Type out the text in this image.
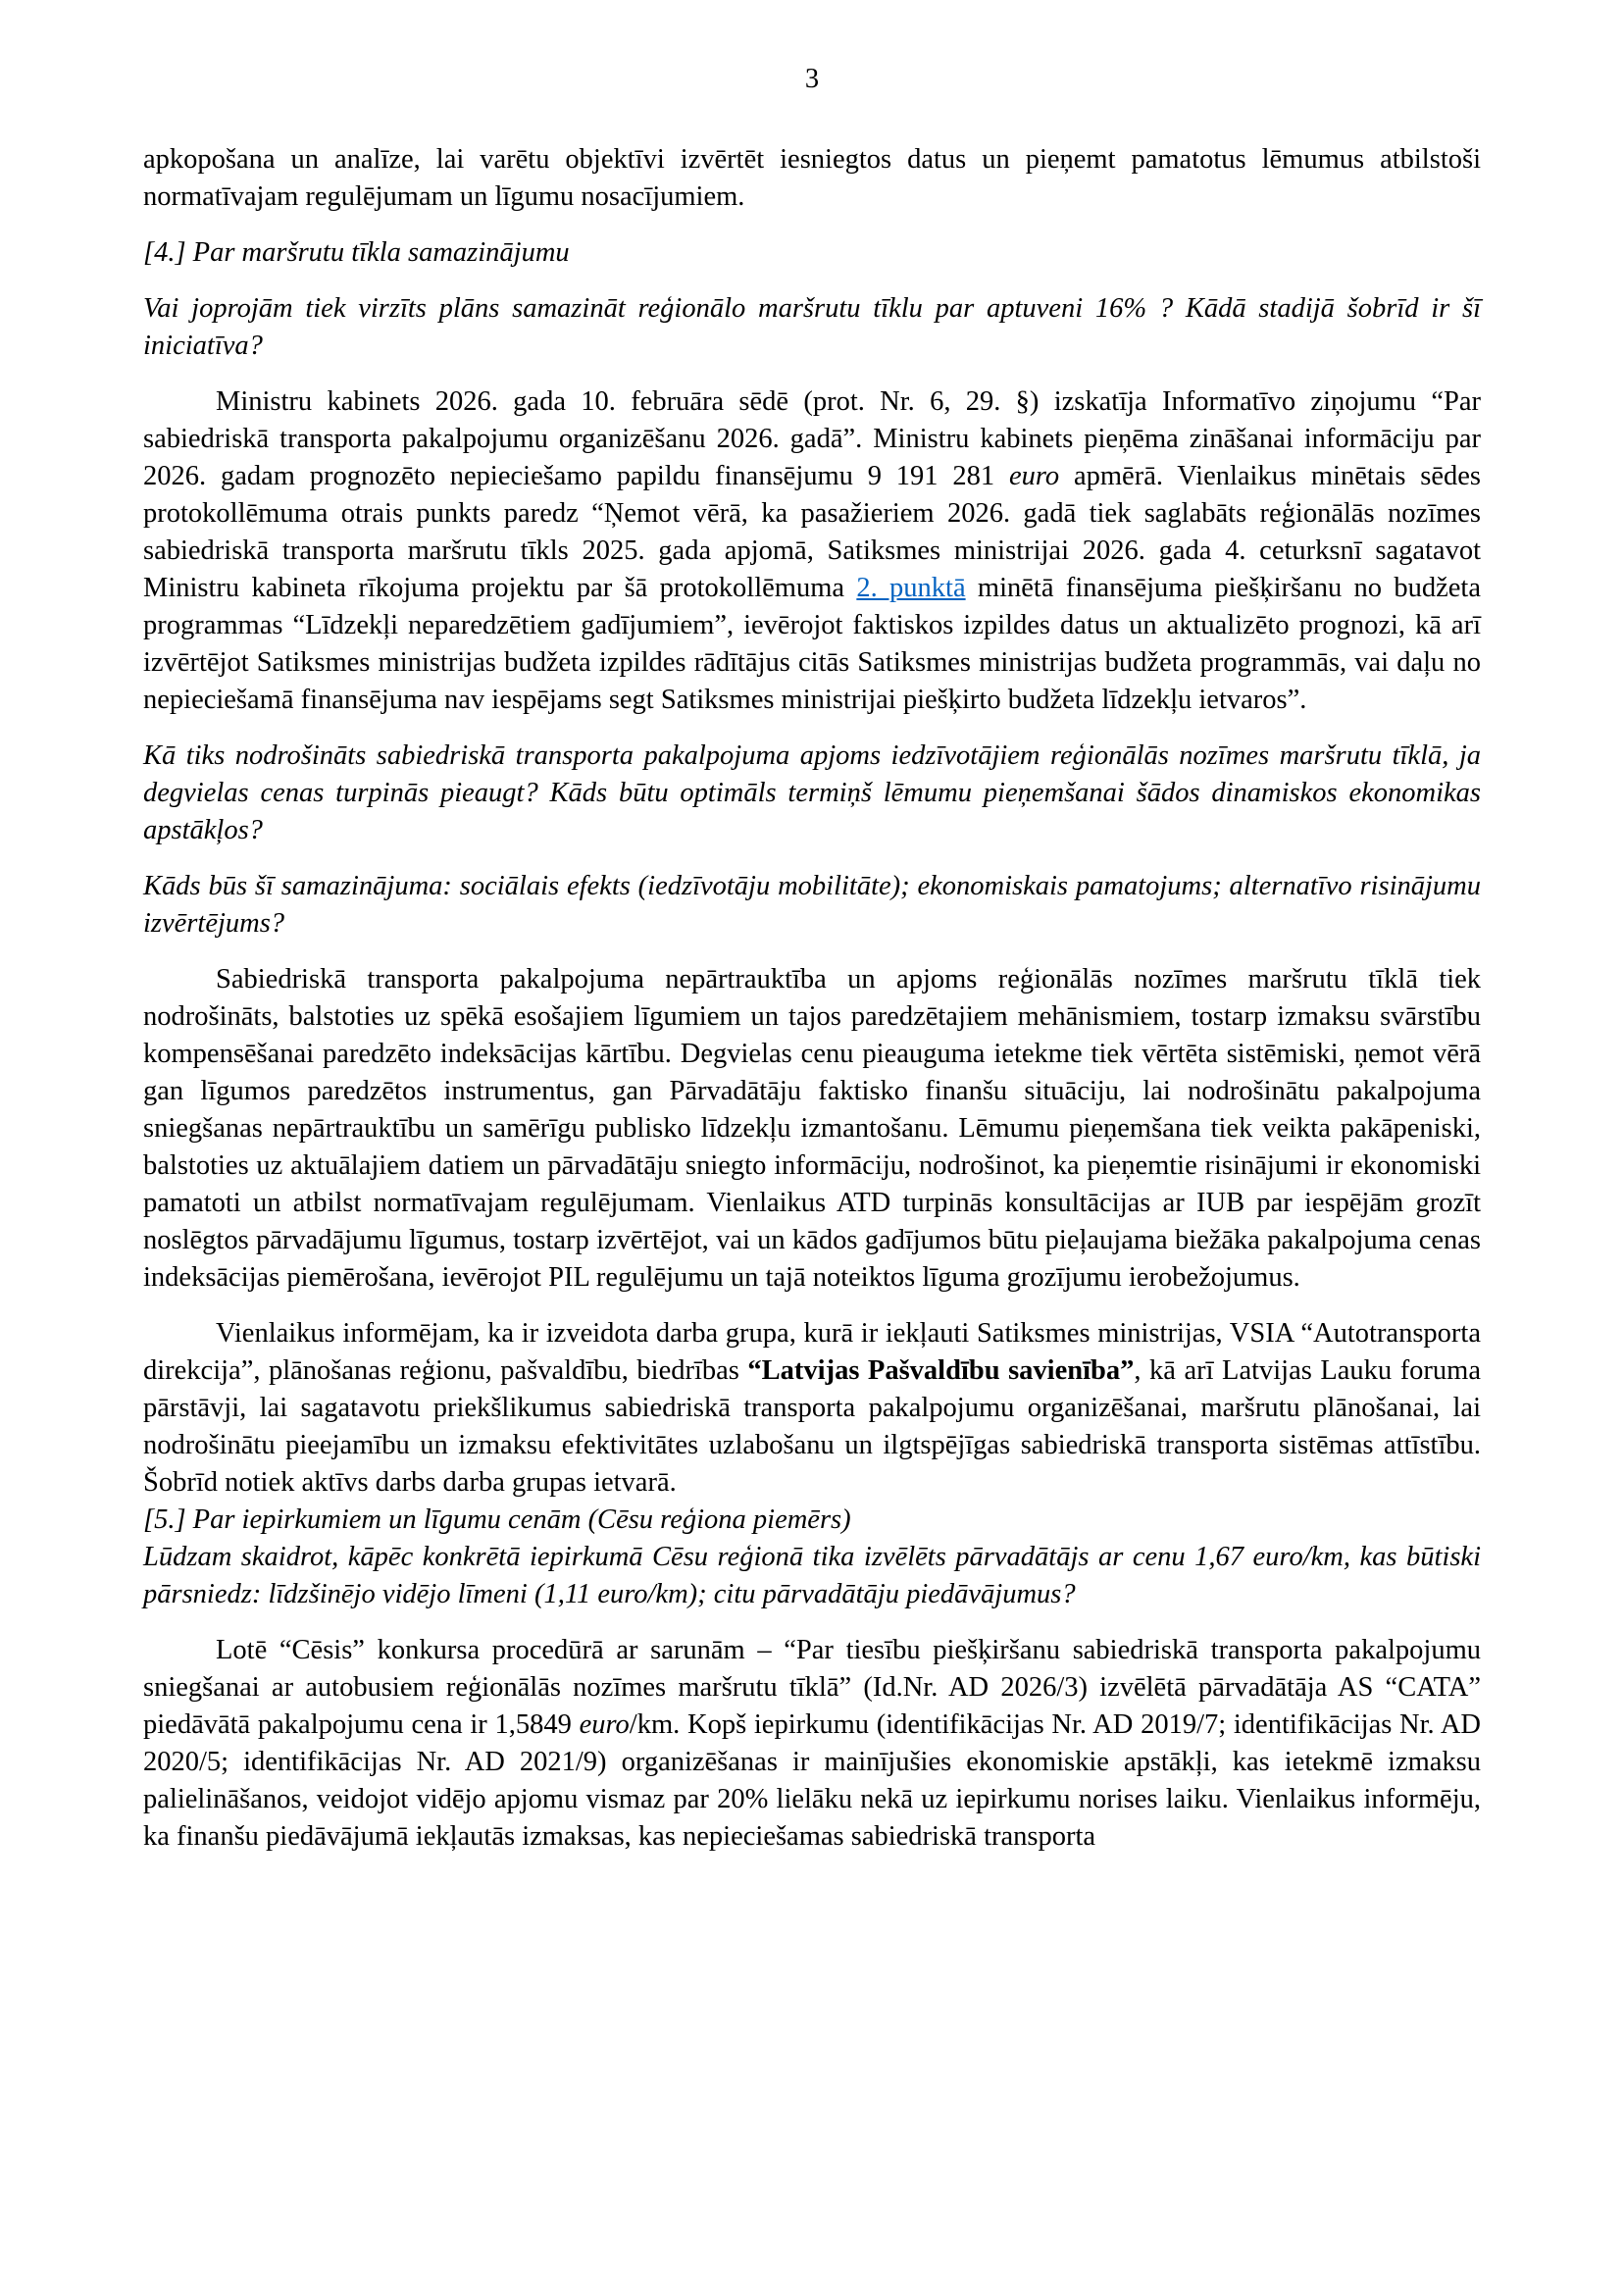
3

apkopošana un analīze, lai varētu objektīvi izvērtēt iesniegtos datus un pieņemt pamatotus lēmumus atbilstoši normatīvajam regulējumam un līgumu nosacījumiem.

[4.] Par maršrutu tīkla samazinājumu

Vai joprojām tiek virzīts plāns samazināt reģionālo maršrutu tīklu par aptuveni 16% ? Kādā stadijā šobrīd ir šī iniciatīva?

Ministru kabinets 2026. gada 10. februāra sēdē (prot. Nr. 6, 29. §) izskatīja Informatīvo ziņojumu “Par sabiedriskā transporta pakalpojumu organizēšanu 2026. gadā”. Ministru kabinets pieņēma zināšanai informāciju par 2026. gadam prognozēto nepieciešamo papildu finansējumu 9 191 281 euro apmērā. Vienlaikus minētais sēdes protokollēmuma otrais punkts paredz “Ņemot vērā, ka pasažieriem 2026. gadā tiek saglabāts reģionālās nozīmes sabiedriskā transporta maršrutu tīkls 2025. gada apjomā, Satiksmes ministrijai 2026. gada 4. ceturksnī sagatavot Ministru kabineta rīkojuma projektu par šā protokollēmuma 2. punktā minētā finansējuma piešķiršanu no budžeta programmas “Līdzekļi neparedzētiem gadījumiem”, ievērojot faktiskos izpildes datus un aktualizēto prognozi, kā arī izvērtējot Satiksmes ministrijas budžeta izpildes rādītājus citās Satiksmes ministrijas budžeta programmās, vai daļu no nepieciešamā finansējuma nav iespējams segt Satiksmes ministrijai piešķirto budžeta līdzekļu ietvaros”.

Kā tiks nodrošināts sabiedriskā transporta pakalpojuma apjoms iedzīvotājiem reģionālās nozīmes maršrutu tīklā, ja degvielas cenas turpinās pieaugt? Kāds būtu optimāls termiņš lēmumu pieņemšanai šādos dinamiskos ekonomikas apstākļos?

Kāds būs šī samazinājuma: sociālais efekts (iedzīvotāju mobilitāte); ekonomiskais pamatojums; alternatīvo risinājumu izvērtējums?

Sabiedriskā transporta pakalpojuma nepārtrauktība un apjoms reģionālās nozīmes maršrutu tīklā tiek nodrošināts, balstoties uz spēkā esošajiem līgumiem un tajos paredzētajiem mehānismiem, tostarp izmaksu svārstību kompensēšanai paredzēto indeksācijas kārtību. Degvielas cenu pieauguma ietekme tiek vērtēta sistēmiski, ņemot vērā gan līgumos paredzētos instrumentus, gan Pārvadātāju faktisko finanšu situāciju, lai nodrošinātu pakalpojuma sniegšanas nepārtrauktību un samērīgu publisko līdzekļu izmantošanu. Lēmumu pieņemšana tiek veikta pakāpeniski, balstoties uz aktuālajiem datiem un pārvadātāju sniegto informāciju, nodrošinot, ka pieņemtie risinājumi ir ekonomiski pamatoti un atbilst normatīvajam regulējumam. Vienlaikus ATD turpinās konsultācijas ar IUB par iespējām grozīt noslēgtos pārvadājumu līgumus, tostarp izvērtējot, vai un kādos gadījumos būtu pieļaujama biežāka pakalpojuma cenas indeksācijas piemērošana, ievērojot PIL regulējumu un tajā noteiktos līguma grozījumu ierobežojumus.

Vienlaikus informējam, ka ir izveidota darba grupa, kurā ir iekļauti Satiksmes ministrijas, VSIA “Autotransporta direkcija”, plānošanas reģionu, pašvaldību, biedrības “Latvijas Pašvaldību savienība”, kā arī Latvijas Lauku foruma pārstāvji, lai sagatavotu priekšlikumus sabiedriskā transporta pakalpojumu organizēšanai, maršrutu plānošanai, lai nodrošinātu pieejamību un izmaksu efektivitātes uzlabošanu un ilgtspējīgas sabiedriskā transporta sistēmas attīstību. Šobrīd notiek aktīvs darbs darba grupas ietvarā.

[5.] Par iepirkumiem un līgumu cenām (Cēsu reģiona piemērs)

Lūdzam skaidrot, kāpēc konkrētā iepirkumā Cēsu reģionā tika izvēlēts pārvadātājs ar cenu 1,67 euro/km, kas būtiski pārsniedz: līdzšinējo vidējo līmeni (1,11 euro/km); citu pārvadātāju piedāvājumus?

Lotē “Cēsis” konkursa procedūrā ar sarunām – “Par tiesību piešķiršanu sabiedriskā transporta pakalpojumu sniegšanai ar autobusiem reģionālās nozīmes maršrutu tīklā” (Id.Nr. AD 2026/3) izvēlētā pārvadātāja AS “CATA” piedāvātā pakalpojumu cena ir 1,5849 euro/km. Kopš iepirkumu (identifikācijas Nr. AD 2019/7; identifikācijas Nr. AD 2020/5; identifikācijas Nr. AD 2021/9) organizēšanas ir mainījušies ekonomiskie apstākļi, kas ietekmē izmaksu palielināšanos, veidojot vidējo apjomu vismaz par 20% lielāku nekā uz iepirkumu norises laiku. Vienlaikus informēju, ka finanšu piedāvājumā iekļautās izmaksas, kas nepieciešamas sabiedriskā transporta
